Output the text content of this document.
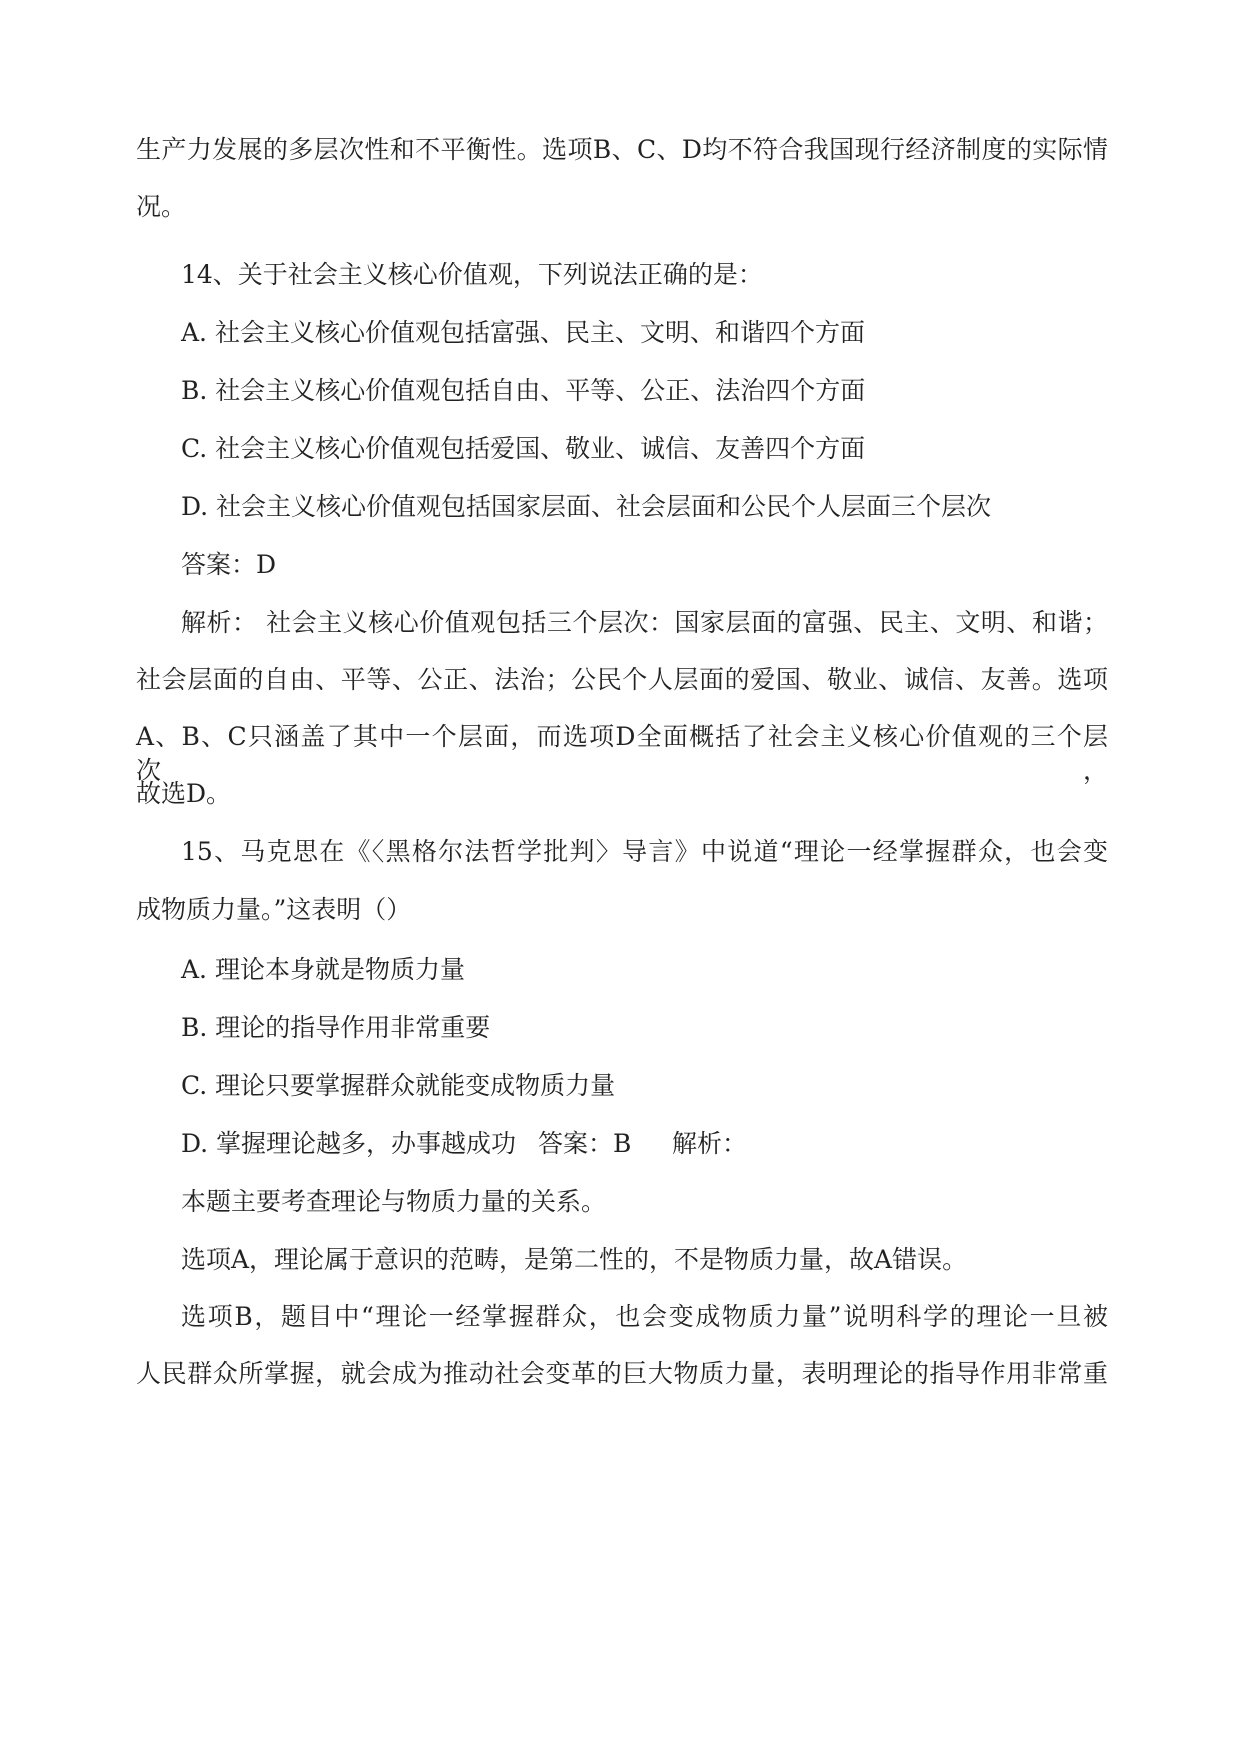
生产力发展的多层次性和不平衡性。选项B、C、D均不符合我国现行经济制度的实际情
况。
14、关于社会主义核心价值观，下列说法正确的是：
A. 社会主义核心价值观包括富强、民主、文明、和谐四个方面
B. 社会主义核心价值观包括自由、平等、公正、法治四个方面
C. 社会主义核心价值观包括爱国、敬业、诚信、友善四个方面
D. 社会主义核心价值观包括国家层面、社会层面和公民个人层面三个层次
答案：D
解析： 社会主义核心价值观包括三个层次：国家层面的富强、民主、文明、和谐；
社会层面的自由、平等、公正、法治；公民个人层面的爱国、敬业、诚信、友善。选项
A、B、C只涵盖了其中一个层面，而选项D全面概括了社会主义核心价值观的三个层次，
故选D。
15、马克思在《〈黑格尔法哲学批判〉导言》中说道“理论一经掌握群众，也会变
成物质力量。”这表明（）
A. 理论本身就是物质力量
B. 理论的指导作用非常重要
C. 理论只要掌握群众就能变成物质力量
D. 掌握理论越多，办事越成功 答案：B 解析：
本题主要考查理论与物质力量的关系。
选项A，理论属于意识的范畴，是第二性的，不是物质力量，故A错误。
选项B，题目中“理论一经掌握群众，也会变成物质力量”说明科学的理论一旦被
人民群众所掌握，就会成为推动社会变革的巨大物质力量，表明理论的指导作用非常重
